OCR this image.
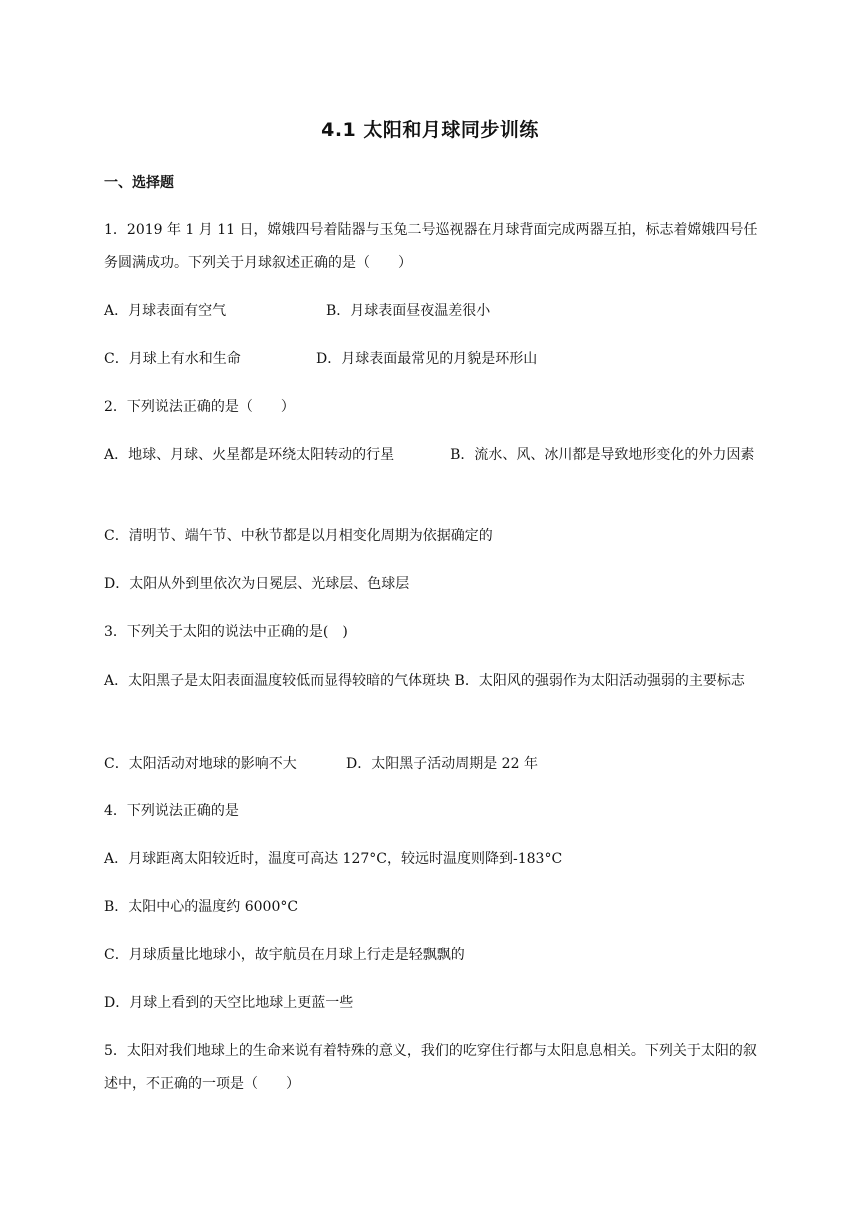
4.1 太阳和月球同步训练
一、选择题
1．2019 年 1 月 11 日，嫦娥四号着陆器与玉兔二号巡视器在月球背面完成两器互拍，标志着嫦娥四号任务圆满成功。下列关于月球叙述正确的是（　　）
A．月球表面有空气	B．月球表面昼夜温差很小
C．月球上有水和生命	D．月球表面最常见的月貌是环形山
2．下列说法正确的是（　　）
A．地球、月球、火星都是环绕太阳转动的行星　　　　B．流水、风、冰川都是导致地形变化的外力因素
C．清明节、端午节、中秋节都是以月相变化周期为依据确定的
D．太阳从外到里依次为日冕层、光球层、色球层
3．下列关于太阳的说法中正确的是(　)
A．太阳黑子是太阳表面温度较低而显得较暗的气体斑块 B．太阳风的强弱作为太阳活动强弱的主要标志
C．太阳活动对地球的影响不大	D．太阳黑子活动周期是 22 年
4．下列说法正确的是
A．月球距离太阳较近时，温度可高达 127°C，较远时温度则降到-183°C
B．太阳中心的温度约 6000°C
C．月球质量比地球小，故宇航员在月球上行走是轻飘飘的
D．月球上看到的天空比地球上更蓝一些
5．太阳对我们地球上的生命来说有着特殊的意义，我们的吃穿住行都与太阳息息相关。下列关于太阳的叙述中，不正确的一项是（　　）
